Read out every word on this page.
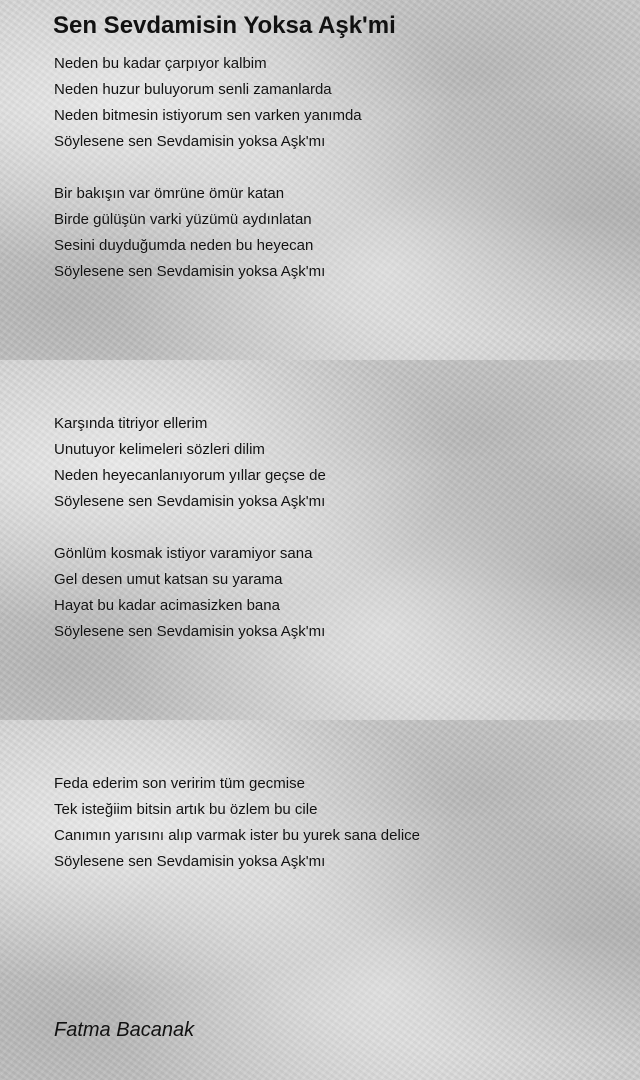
Sen Sevdamisin Yoksa Aşk'mi
Neden bu kadar çarpıyor kalbim
Neden huzur buluyorum senli zamanlarda
Neden bitmesin istiyorum sen varken yanımda
Söylesene sen Sevdamisin yoksa Aşk'mı
Bir bakışın var ömrüne ömür katan
Birde gülüşün varki yüzümü aydınlatan
Sesini duyduğumda neden bu heyecan
Söylesene sen Sevdamisin yoksa Aşk'mı
Karşında titriyor ellerim
Unutuyor kelimeleri sözleri dilim
Neden heyecanlanıyorum yıllar geçse de
Söylesene sen Sevdamisin yoksa Aşk'mı
Gönlüm kosmak istiyor varamiyor sana
Gel desen umut katsan su yarama
Hayat bu kadar acimasizken bana
Söylesene sen Sevdamisin yoksa Aşk'mı
Feda ederim son veririm tüm gecmise
Tek isteğiim bitsin artık bu özlem bu cile
Canımın yarısını alıp varmak ister bu yurek sana delice
Söylesene sen Sevdamisin yoksa Aşk'mı
Fatma Bacanak
